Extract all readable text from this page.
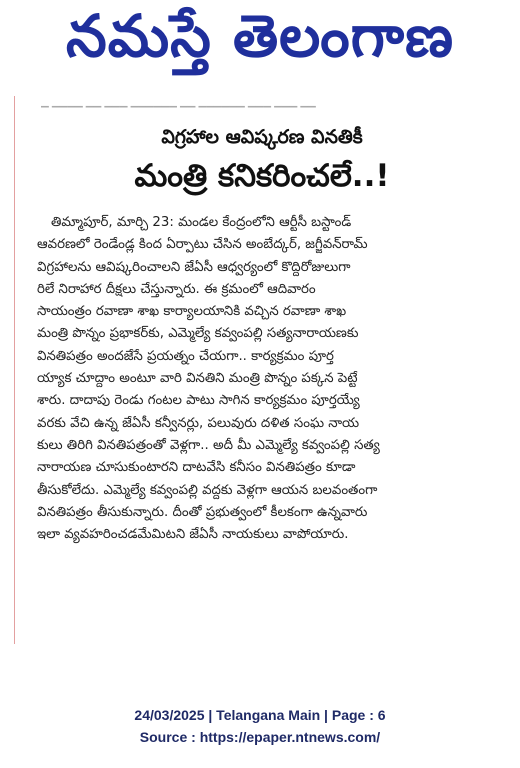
నమస్తే తెలంగాణ
▁ ▁▁▁▁ ▁▁ ▁▁▁ ▁▁▁▁▁▁ ▁▁ ▁▁▁▁▁▁ ▁▁▁ ▁▁▁ ▁▁
విగ్రహాల ఆవిష్కరణ వినతికీ
మంత్రి కనికరించలే..!
తిమ్మాపూర్, మార్చి 23: మండల కేంద్రంలోని ఆర్టీసీ బస్టాండ్
ఆవరణలో రెండేండ్ల కింద ఏర్పాటు చేసిన అంబేద్కర్, జగ్జీవన్‌రామ్
విగ్రహాలను ఆవిష్కరించాలని జేఏసీ ఆధ్వర్యంలో కొద్దిరోజులుగా
రిలే నిరాహార దీక్షలు చేస్తున్నారు. ఈ క్రమంలో ఆదివారం
సాయంత్రం రవాణా శాఖ కార్యాలయానికి వచ్చిన రవాణా శాఖ
మంత్రి పొన్నం ప్రభాకర్‌కు, ఎమ్మెల్యే కవ్వంపల్లి సత్యనారాయణకు
వినతిపత్రం అందజేసే ప్రయత్నం చేయగా.. కార్యక్రమం పూర్త
య్యాక చూద్దాం అంటూ వారి వినతిని మంత్రి పొన్నం పక్కన పెట్టే
శారు. దాదాపు రెండు గంటల పాటు సాగిన కార్యక్రమం పూర్తయ్యే
వరకు వేచి ఉన్న జేఏసీ కన్వీనర్లు, పలువురు దళిత సంఘ నాయ
కులు తిరిగి వినతిపత్రంతో వెళ్లగా.. అదీ మీ ఎమ్మెల్యే కవ్వంపల్లి సత్య
నారాయణ చూసుకుంటారని దాటవేసి కనీసం వినతిపత్రం కూడా
తీసుకోలేదు. ఎమ్మెల్యే కవ్వంపల్లి వద్దకు వెళ్లగా ఆయన బలవంతంగా
వినతిపత్రం తీసుకున్నారు. దీంతో ప్రభుత్వంలో కీలకంగా ఉన్నవారు
ఇలా వ్యవహరించడమేమిటని జేఏసీ నాయకులు వాపోయారు.
24/03/2025 | Telangana Main | Page : 6
Source : https://epaper.ntnews.com/
